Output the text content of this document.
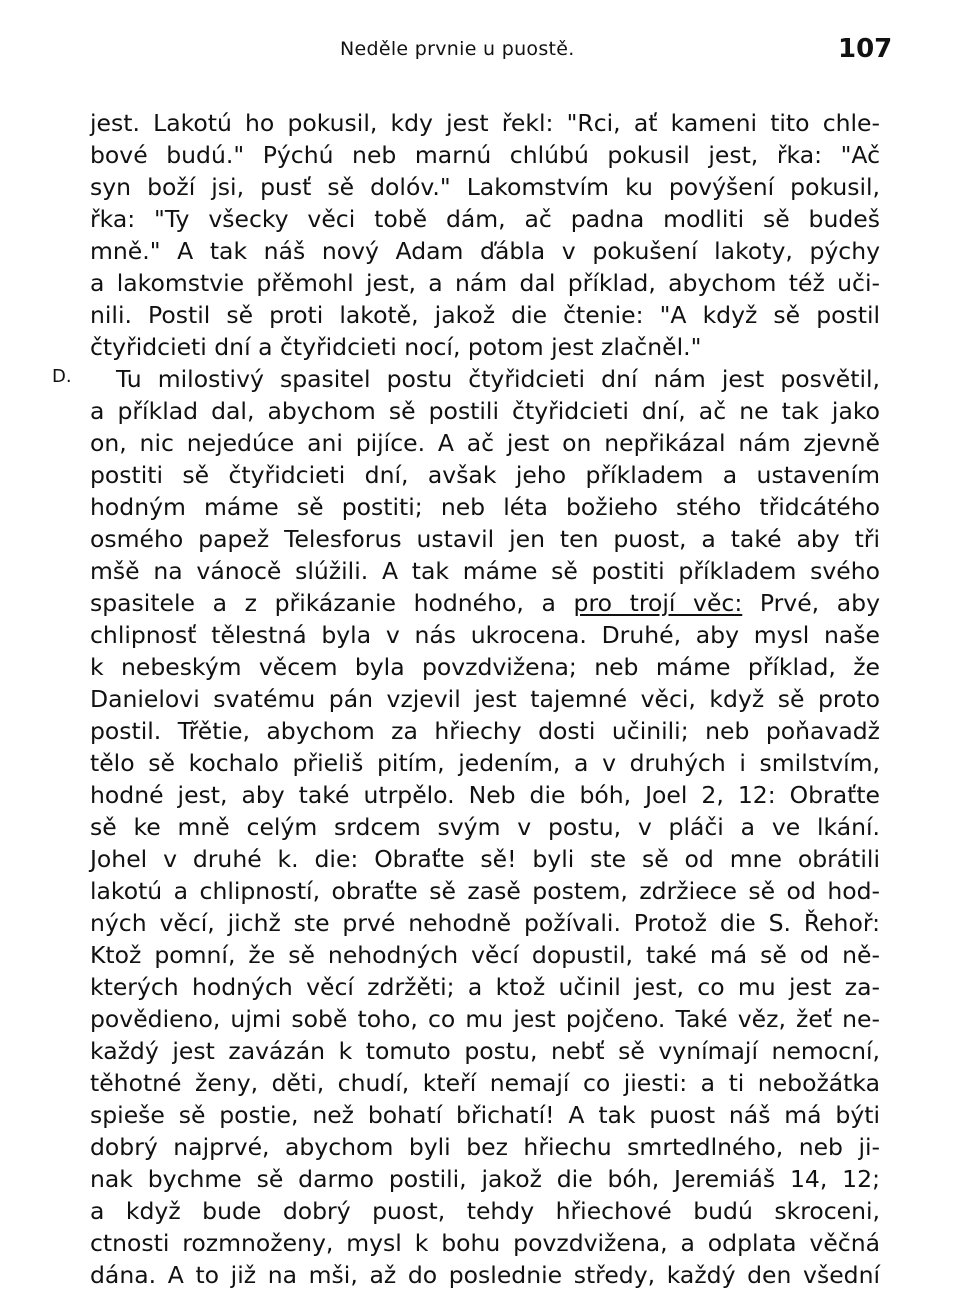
Neděle prvnie u puostě.	107
D.
jest. Lakotú ho pokusil, kdy jest řekl: "Rci, ať kameni tito chle-
bové budú." Pýchú neb marnú chlúbú pokusil jest, řka: "Ač
syn boží jsi, pusť sě dolóv." Lakomstvím ku povýšení pokusil,
řka: "Ty všecky věci tobě dám, ač padna modliti sě budeš
mně." A tak náš nový Adam ďábla v pokušení lakoty, pýchy
a lakomstvie přěmohl jest, a nám dal příklad, abychom též uči-
nili. Postil sě proti lakotě, jakož die čtenie: "A když sě postil
čtyřidcieti dní a čtyřidcieti nocí, potom jest zlačněl."
Tu milostivý spasitel postu čtyřidcieti dní nám jest posvětil,
a příklad dal, abychom sě postili čtyřidcieti dní, ač ne tak jako
on, nic nejedúce ani pijíce. A ač jest on nepřikázal nám zjevně
postiti sě čtyřidcieti dní, avšak jeho příkladem a ustavením
hodným máme sě postiti; neb léta božieho stého třidcátého
osmého papež Telesforus ustavil jen ten puost, a také aby tři
mšě na vánocě slúžili. A tak máme sě postiti příkladem svého
spasitele a z přikázanie hodného, a pro trojí věc: Prvé, aby
chlipnosť tělestná byla v nás ukrocena. Druhé, aby mysl naše
k nebeským věcem byla povzdvižena; neb máme příklad, že
Danielovi svatému pán vzjevil jest tajemné věci, když sě proto
postil. Třětie, abychom za hřiechy dosti učinili; neb poňavadž
tělo sě kochalo přieliš pitím, jedením, a v druhých i smilstvím,
hodné jest, aby také utrpělo. Neb die bóh, Joel 2, 12: Obraťte
sě ke mně celým srdcem svým v postu, v pláči a ve lkání.
Johel v druhé k. die: Obraťte sě! byli ste sě od mne obrátili
lakotú a chlipností, obraťte sě zasě postem, zdržiece sě od hod-
ných věcí, jichž ste prvé nehodně požívali. Protož die S. Řehoř:
Ktož pomní, že sě nehodných věcí dopustil, také má sě od ně-
kterých hodných věcí zdržěti; a ktož učinil jest, co mu jest za-
povědieno, ujmi sobě toho, co mu jest pojčeno. Také věz, žeť ne-
každý jest zavázán k tomuto postu, nebť sě vynímají nemocní,
těhotné ženy, děti, chudí, kteří nemají co jiesti: a ti nebožátka
spieše sě postie, než bohatí břichatí! A tak puost náš má býti
dobrý najprvé, abychom byli bez hřiechu smrtedlného, neb ji-
nak bychme sě darmo postili, jakož die bóh, Jeremiáš 14, 12;
a když bude dobrý puost, tehdy hřiechové budú skroceni,
ctnosti rozmnoženy, mysl k bohu povzdvižena, a odplata věčná
dána. A to již na mši, až do poslednie středy, každý den všední
